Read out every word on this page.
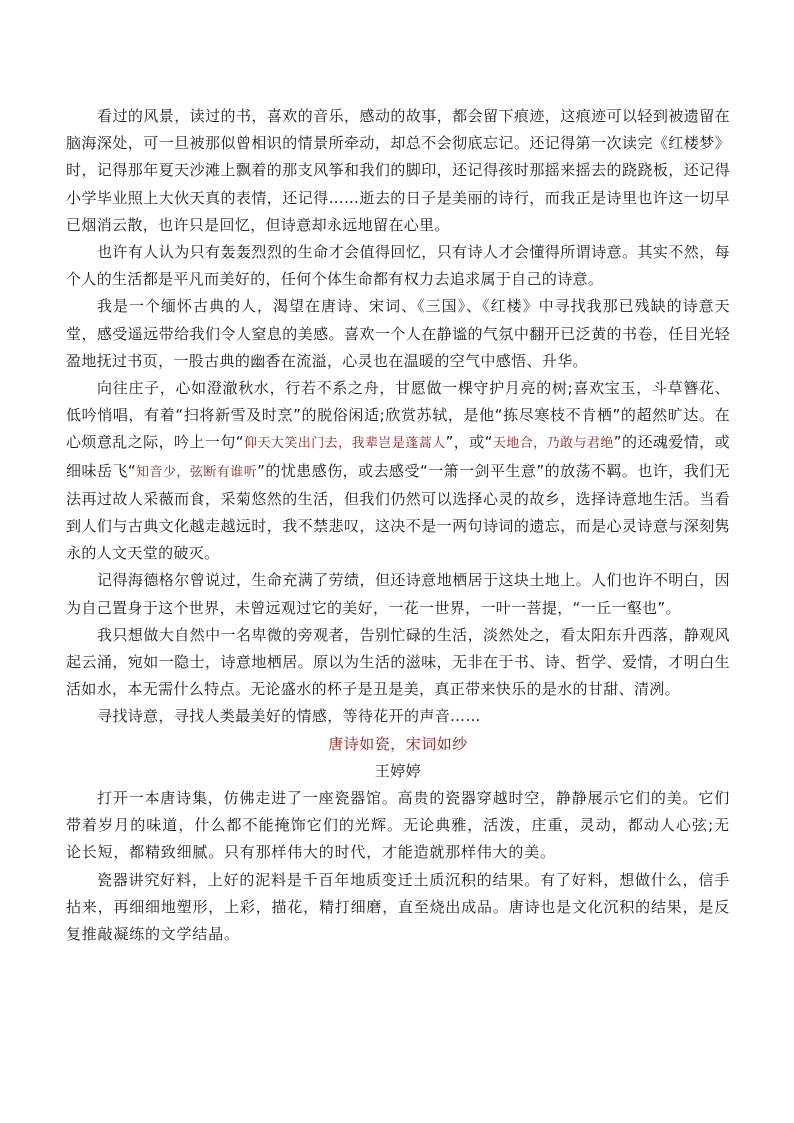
看过的风景，读过的书，喜欢的音乐，感动的故事，都会留下痕迹，这痕迹可以轻到被遗留在脑海深处，可一旦被那似曾相识的情景所牵动，却总不会彻底忘记。还记得第一次读完《红楼梦》时，记得那年夏天沙滩上飘着的那支风筝和我们的脚印，还记得孩时那摇来摇去的跷跷板，还记得小学毕业照上大伙天真的表情，还记得……逝去的日子是美丽的诗行，而我正是诗里也许这一切早已烟消云散，也许只是回忆，但诗意却永远地留在心里。

也许有人认为只有轰轰烈烈的生命才会值得回忆，只有诗人才会懂得所谓诗意。其实不然，每个人的生活都是平凡而美好的，任何个体生命都有权力去追求属于自己的诗意。

我是一个缅怀古典的人，渴望在唐诗、宋词、《三国》、《红楼》中寻找我那已残缺的诗意天堂，感受遥远带给我们令人窒息的美感。喜欢一个人在静谧的气氛中翻开已泛黄的书卷，任目光轻盈地抚过书页，一股古典的幽香在流溢，心灵也在温暖的空气中感悟、升华。

向往庄子，心如澄澈秋水，行若不系之舟，甘愿做一棵守护月亮的树;喜欢宝玉，斗草簪花、低吟悄唱，有着“扫将新雪及时烹”的脱俗闲适;欣赏苏轼，是他“拣尽寒枝不肯栖”的超然旷达。在心烦意乱之际，吟上一句“仰天大笑出门去，我辈岂是蓬蒿人”，或“天地合，乃敢与君绝”的还魂爱情，或细味岳飞“知音少，弦断有谁听”的忧患感伤，或去感受“一箫一剑平生意”的放荡不羁。也许，我们无法再过故人采薇而食，采菊悠然的生活，但我们仍然可以选择心灵的故乡，选择诗意地生活。当看到人们与古典文化越走越远时，我不禁悲叹，这决不是一两句诗词的遗忘，而是心灵诗意与深刻隽永的人文天堂的破灭。

记得海德格尔曾说过，生命充满了劳绩，但还诗意地栖居于这块土地上。人们也许不明白，因为自己置身于这个世界，未曾远观过它的美好，一花一世界，一叶一菩提，“一丘一壑也”。

我只想做大自然中一名卑微的旁观者，告别忙碌的生活，淡然处之，看太阳东升西落，静观风起云涌，宛如一隐士，诗意地栖居。原以为生活的滋味，无非在于书、诗、哲学、爱情，才明白生活如水，本无需什么特点。无论盛水的杯子是丑是美，真正带来快乐的是水的甘甜、清冽。

寻找诗意，寻找人类最美好的情感，等待花开的声音……

唐诗如瓷，宋词如纱

王婷婷

打开一本唐诗集，仿佛走进了一座瓷器馆。高贵的瓷器穿越时空，静静展示它们的美。它们带着岁月的味道，什么都不能掩饰它们的光辉。无论典雅，活泼，庄重，灵动，都动人心弦;无论长短，都精致细腻。只有那样伟大的时代，才能造就那样伟大的美。

瓷器讲究好料，上好的泥料是千百年地质变迁土质沉积的结果。有了好料，想做什么，信手拈来，再细细地塑形，上彩，描花，精打细磨，直至烧出成品。唐诗也是文化沉积的结果，是反复推敲凝练的文学结晶。
